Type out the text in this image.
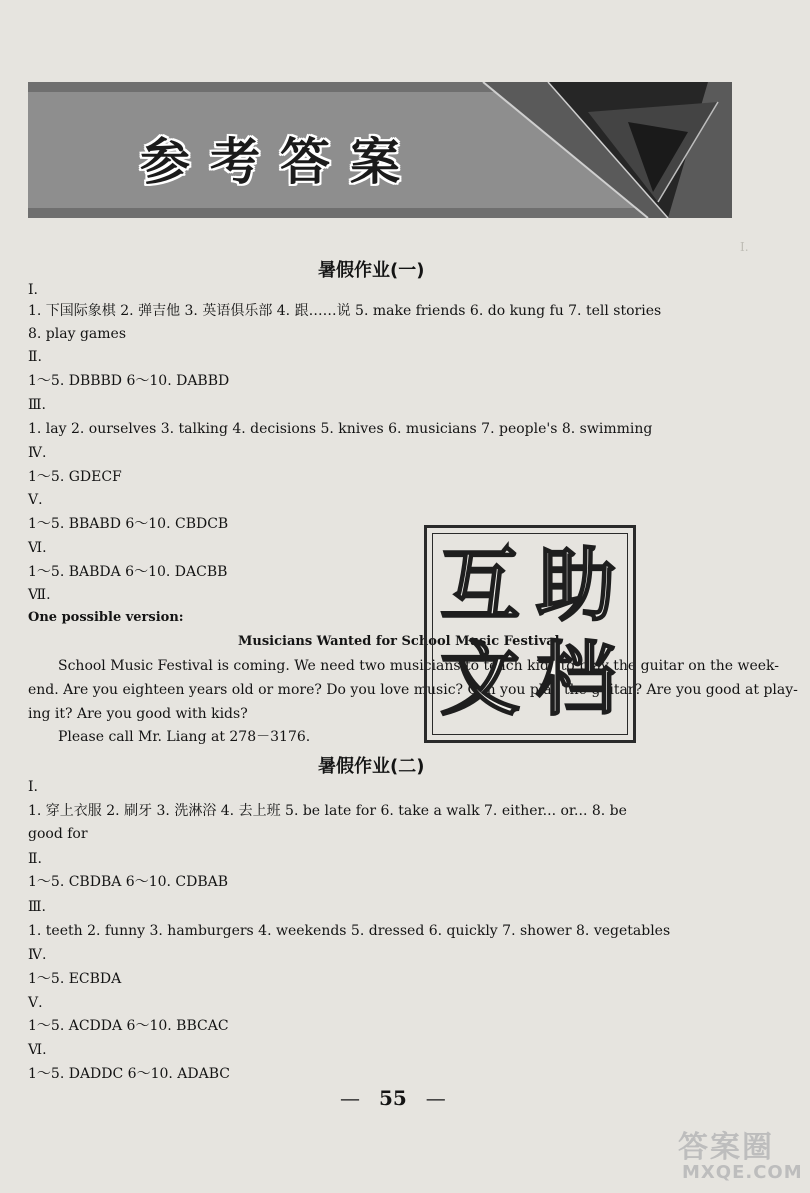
参考答案
I.
暑假作业(一)
Ⅰ.
1. 下国际象棋 2. 弹吉他 3. 英语俱乐部 4. 跟……说 5. make friends 6. do kung fu 7. tell stories
8. play games
Ⅱ.
1～5. DBBBD 6～10. DABBD
Ⅲ.
1. lay 2. ourselves 3. talking 4. decisions 5. knives 6. musicians 7. people's 8. swimming
Ⅳ.
1～5. GDECF
Ⅴ.
1～5. BBABD 6～10. CBDCB
Ⅵ.
1～5. BABDA 6～10. DACBB
Ⅶ.
One possible version:
Musicians Wanted for School Music Festival
School Music Festival is coming. We need two musicians to teach kids to play the guitar on the week-
end. Are you eighteen years old or more? Do you love music? Can you play the guitar? Are you good at play-
ing it? Are you good with kids?
Please call Mr. Liang at 278－3176.
暑假作业(二)
Ⅰ.
1. 穿上衣服 2. 刷牙 3. 洗淋浴 4. 去上班 5. be late for 6. take a walk 7. either... or... 8. be
good for
Ⅱ.
1～5. CBDBA 6～10. CDBAB
Ⅲ.
1. teeth 2. funny 3. hamburgers 4. weekends 5. dressed 6. quickly 7. shower 8. vegetables
Ⅳ.
1～5. ECBDA
Ⅴ.
1～5. ACDDA 6～10. BBCAC
Ⅵ.
1～5. DADDC 6～10. ADABC
互 助
文 档
— 55 —
答案圈
MXQE.COM
